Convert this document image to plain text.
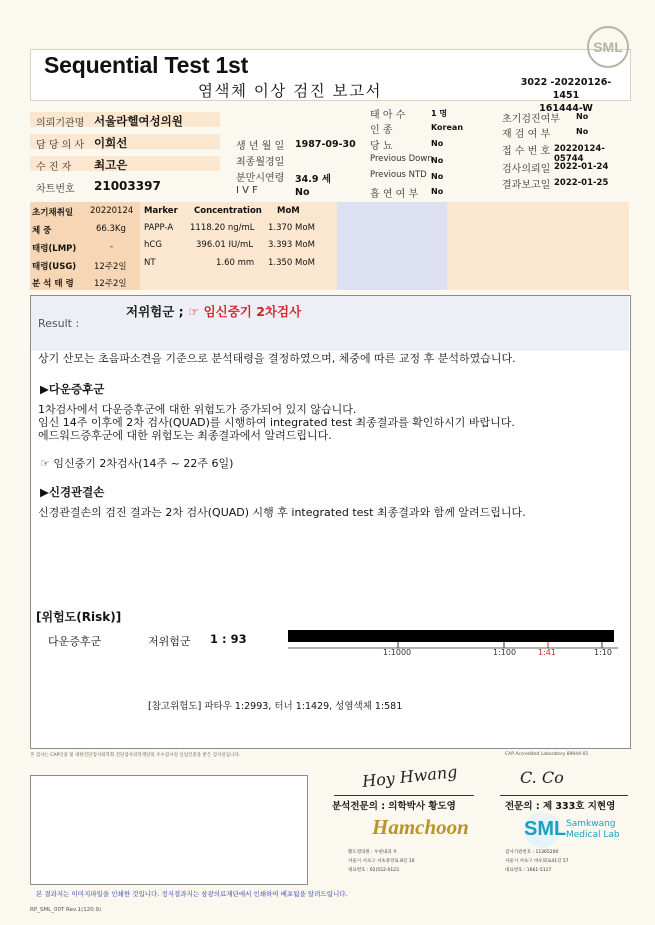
Sequential Test 1st
염색체 이상 검진 보고서	3022 -20220126-1451
161444-W
SML
의뢰기관명 서울라헬여성의원
담 당 의 사 이희선
수 진 자 최고은
차트번호 21003397
생 년 월 일 1987-09-30
최종월경일
분만시연령 34.9 세
I V F	No
태 아 수	1 명
인 종	Korean
당 뇨	No
Previous Down
No
Previous NTD No
흡 연 여 부 No
초기검진여부 No
재 검 여 부	No
접 수 번 호 20220124-05744
검사의뢰일 2022-01-24
결과보고일 2022-01-25
초기채취일 20220124
체 중	66.3Kg
태령(LMP)	-
태령(USG) 12주2일
분 석 태 령 12주2일
Marker Concentration MoM
PAPP-A 1118.20 ng/mL 1.370 MoM
hCG	396.01 IU/mL 3.393 MoM
NT	1.60 mm 1.350 MoM
Result :
저위험군 ; ☞ 임신중기 2차검사
상기 산모는 초음파소견을 기준으로 분석태령을 결정하였으며, 체중에 따른 교정 후 분석하였습니다.
▶다운증후군
1차검사에서 다운증후군에 대한 위험도가 증가되어 있지 않습니다.
임신 14주 이후에 2차 검사(QUAD)를 시행하여 integrated test 최종결과를 확인하시기 바랍니다.
에드워드증후군에 대한 위험도는 최종결과에서 알려드립니다.
☞ 임신중기 2차검사(14주 ~ 22주 6일)
▶신경관결손
신경관결손의 검진 결과는 2차 검사(QUAD) 시행 후 integrated test 최종결과와 함께 알려드립니다.
[위험도(Risk)]
다운증후군	저위험군 1 : 93
1:1000	1:100	1:41	1:10
[참고위험도] 파타우 1:2993, 터너 1:1429, 성염색체 1:581
본 검사는 CAP인증 및 대한진단검사의학회 진단검사의학재단의 우수검사실 신임인증을 받은 검사실입니다.	CAP Accredited Laboratory 89944-01
Hoy Hwang
분석전문의 : 의학박사 황도영
C. Co
전문의 : 제 333호 지현영
Hamchoon
황도영의원 : 우현내과 우
서울시 서초구 서초중앙로 8길 10
대표번호 : 02)552-0123
SML Samkwang
Medical Lab
검사기관번호 : 11365200
서울시 서초구 바우뫼로41길 57
대표번호 : 1661-5117
본 결과지는 이미지파일을 인쇄한 것입니다. 정식결과지는 삼광의료재단에서 인쇄하여 배포됨을 알려드립니다.
RP_SML_00T Rev.1(120.9)
